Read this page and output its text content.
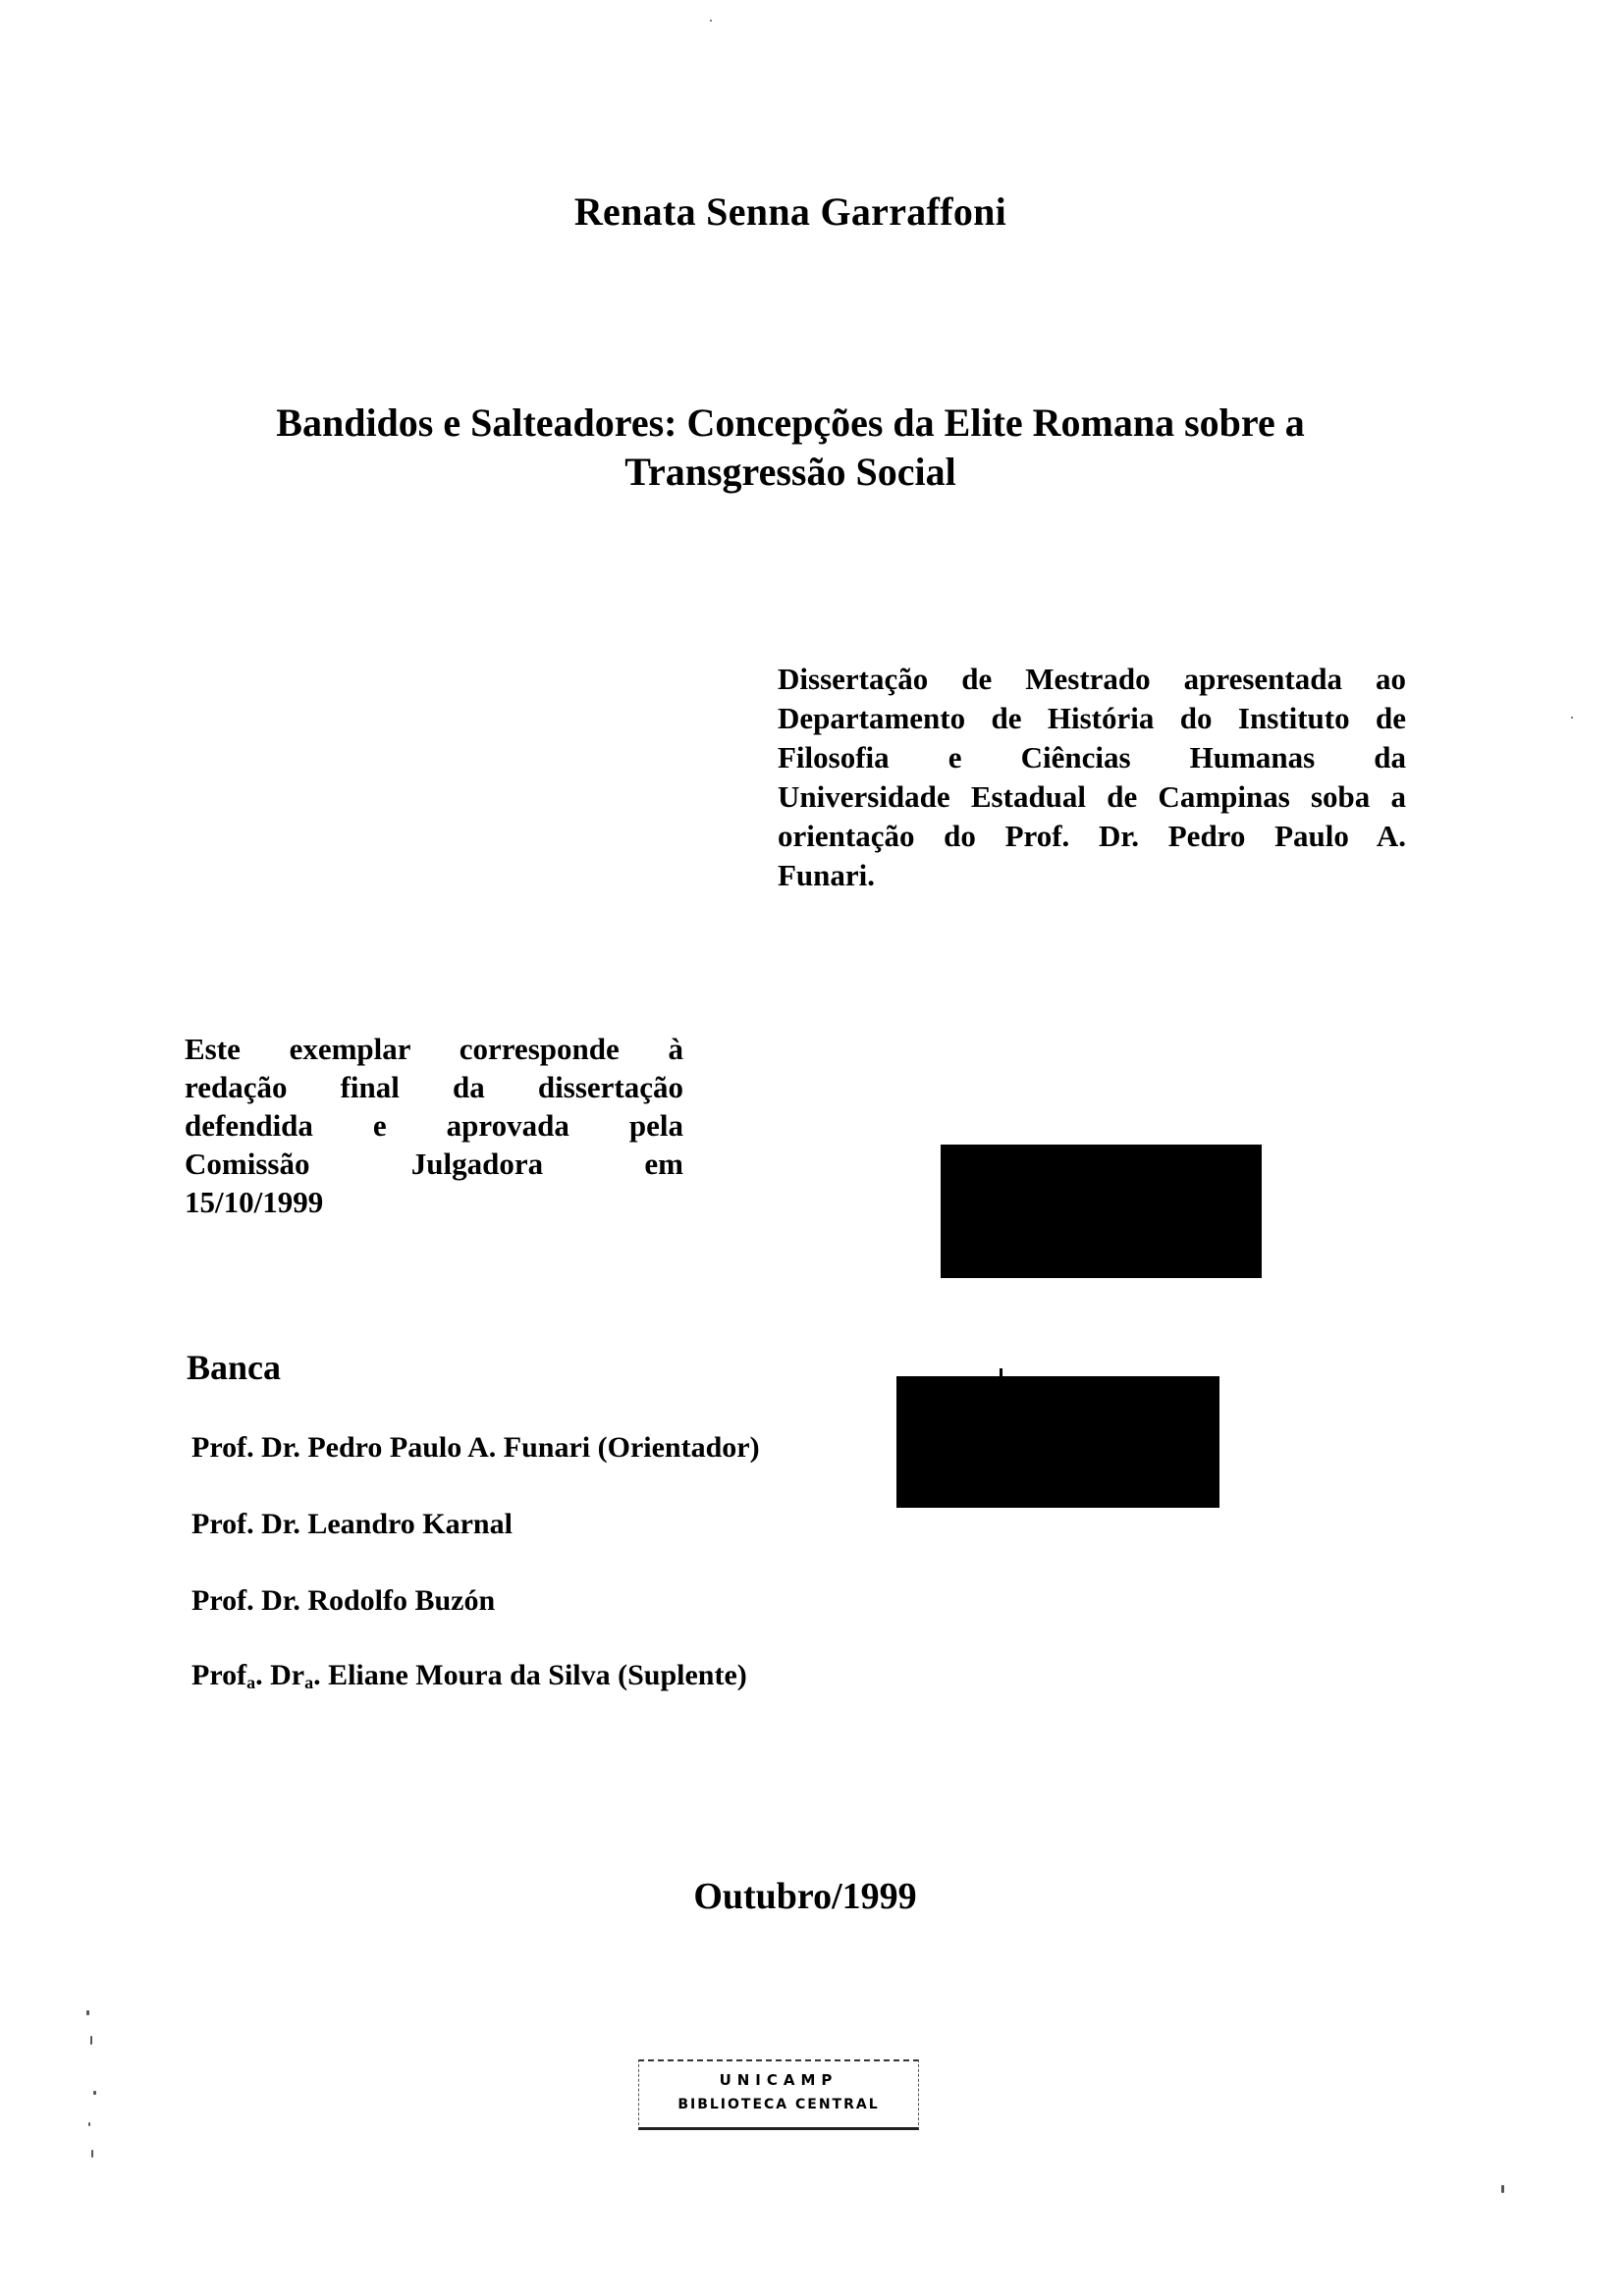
Renata Senna Garraffoni
Bandidos e Salteadores: Concepções da Elite Romana sobre a
Transgressão Social
Dissertação de Mestrado apresentada ao
Departamento de História do Instituto de
Filosofia e Ciências Humanas da
Universidade Estadual de Campinas soba a
orientação do Prof. Dr. Pedro Paulo A.
Funari.
Este exemplar corresponde à
redação final da dissertação
defendida e aprovada pela
Comissão Julgadora em
15/10/1999
Banca
Prof. Dr. Pedro Paulo A. Funari (Orientador)
Prof. Dr. Leandro Karnal
Prof. Dr. Rodolfo Buzón
Prof$_a$. $Dr_a$. Eliane Moura da Silva (Suplente)
Outubro/1999
UNICAMP
BIBLIOTECA CENTRAL
